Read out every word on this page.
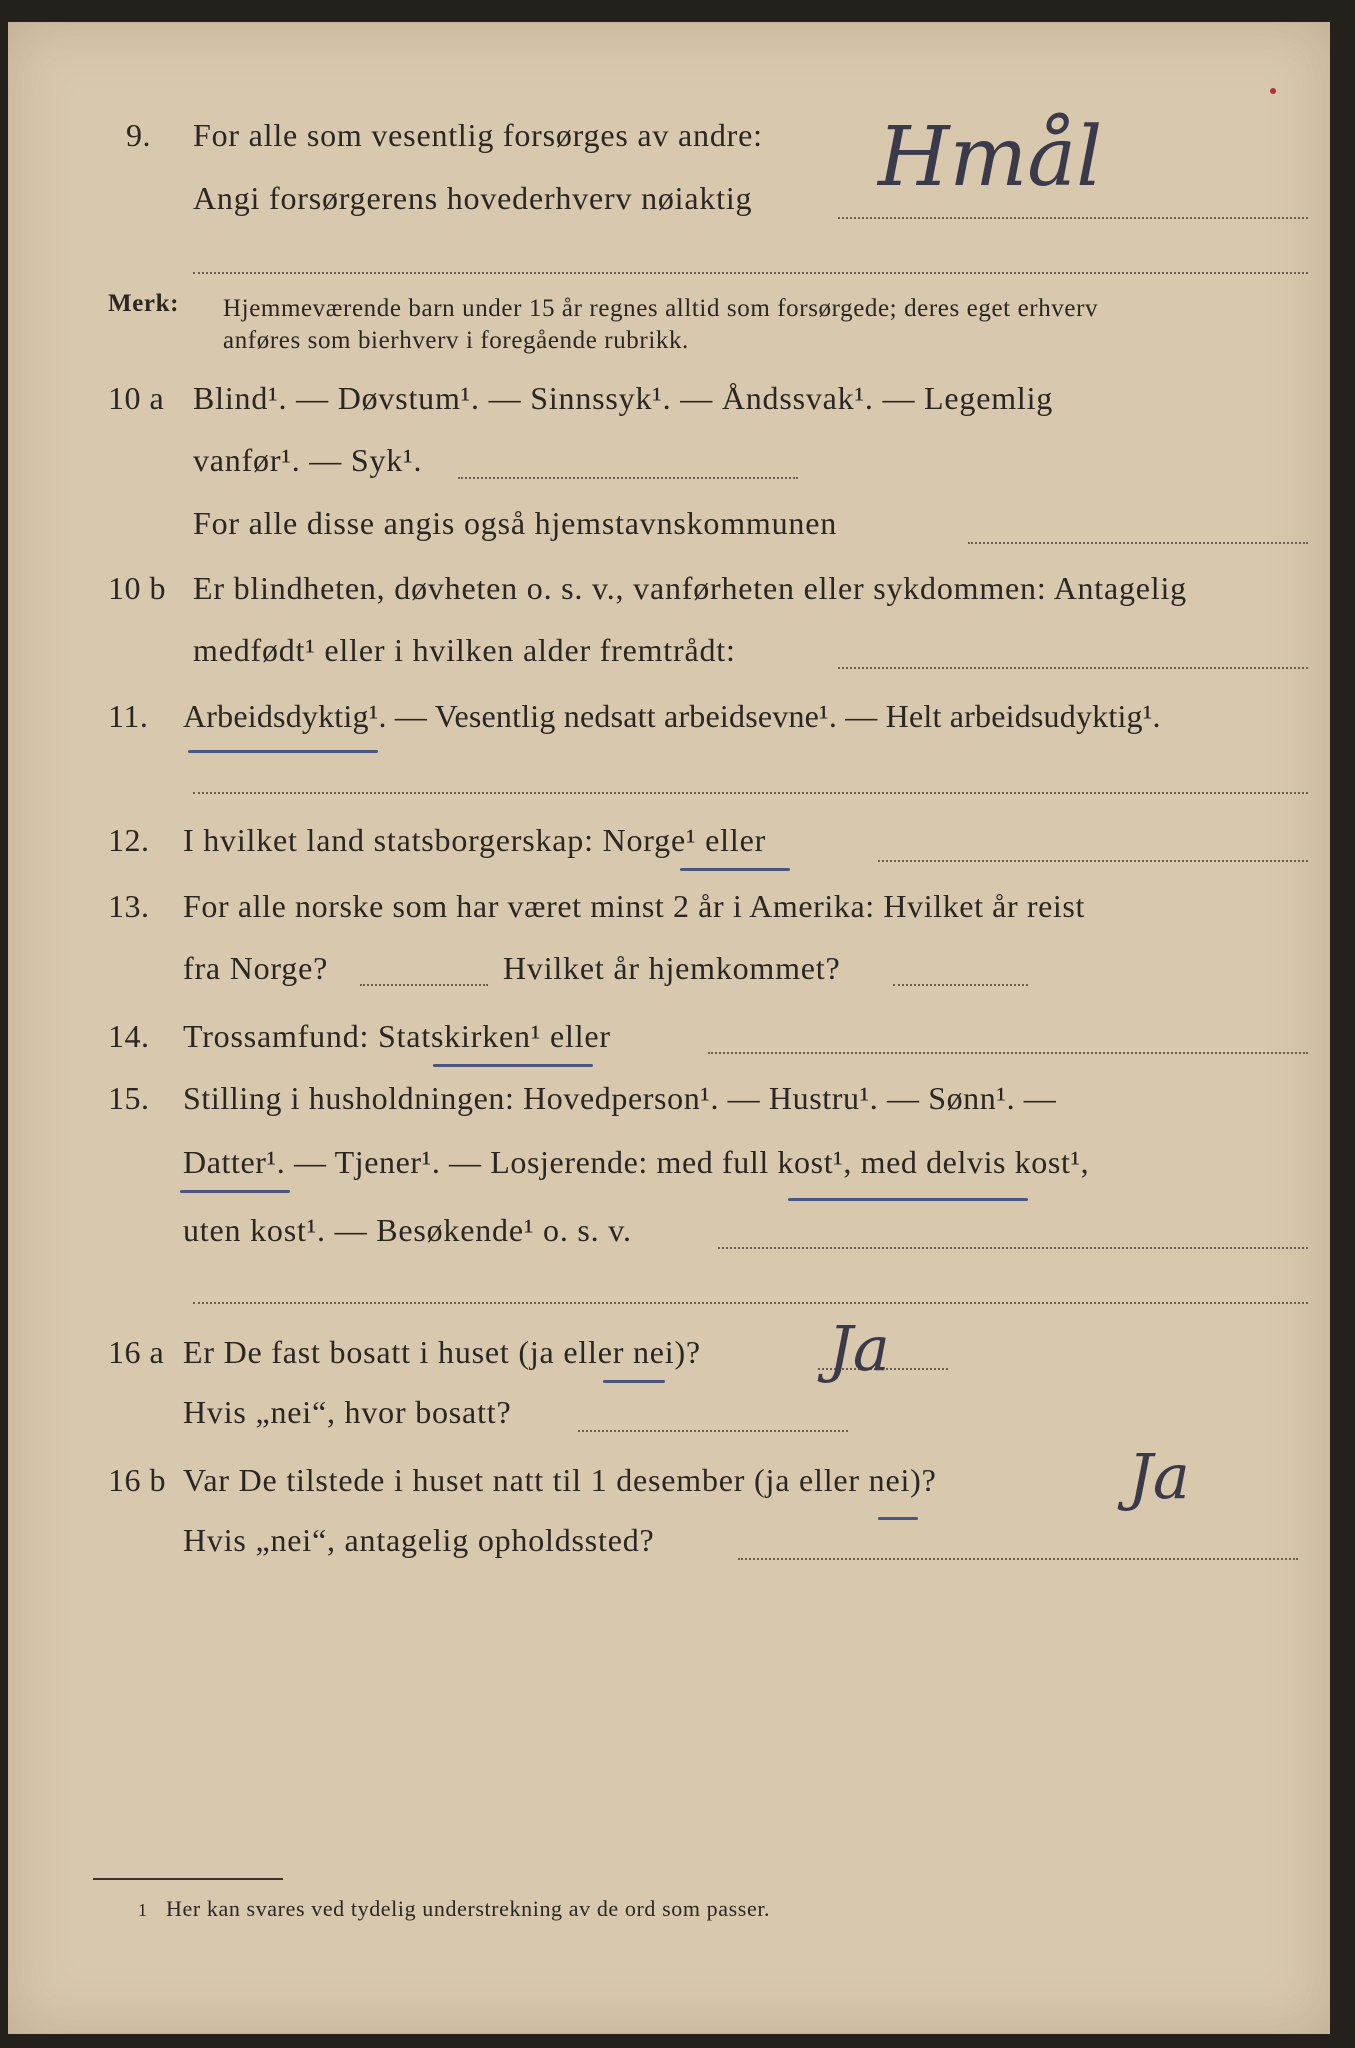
9. For alle som vesentlig forsørges av andre:
Angi forsørgerens hovederhverv nøiaktig Hmål
Merk: Hjemmeværende barn under 15 år regnes alltid som forsørgede; deres eget erhverv
anføres som bierhverv i foregående rubrikk.
10 a Blind¹. — Døvstum¹. — Sinnssyk¹. — Åndssvak¹. — Legemlig
vanfør¹. — Syk¹.
For alle disse angis også hjemstavnskommunen
10 b Er blindheten, døvheten o. s. v., vanførheten eller sykdommen: Antagelig
medfødt¹ eller i hvilken alder fremtrådt:
11. Arbeidsdyktig¹. — Vesentlig nedsatt arbeidsevne¹. — Helt arbeidsudyktig¹.
12. I hvilket land statsborgerskap: Norge¹ eller
13. For alle norske som har været minst 2 år i Amerika: Hvilket år reist
fra Norge?	Hvilket år hjemkommet?
14. Trossamfund: Statskirken¹ eller
15. Stilling i husholdningen: Hovedperson¹. — Hustru¹. — Sønn¹. —
Datter¹. — Tjener¹. — Losjerende: med full kost¹, med delvis kost¹,
uten kost¹. — Besøkende¹ o. s. v.
16 a Er De fast bosatt i huset (ja eller nei)? Ja
Hvis „nei“, hvor bosatt?
16 b Var De tilstede i huset natt til 1 desember (ja eller nei)?	Ja
Hvis „nei“, antagelig opholdssted?
1 Her kan svares ved tydelig understrekning av de ord som passer.
